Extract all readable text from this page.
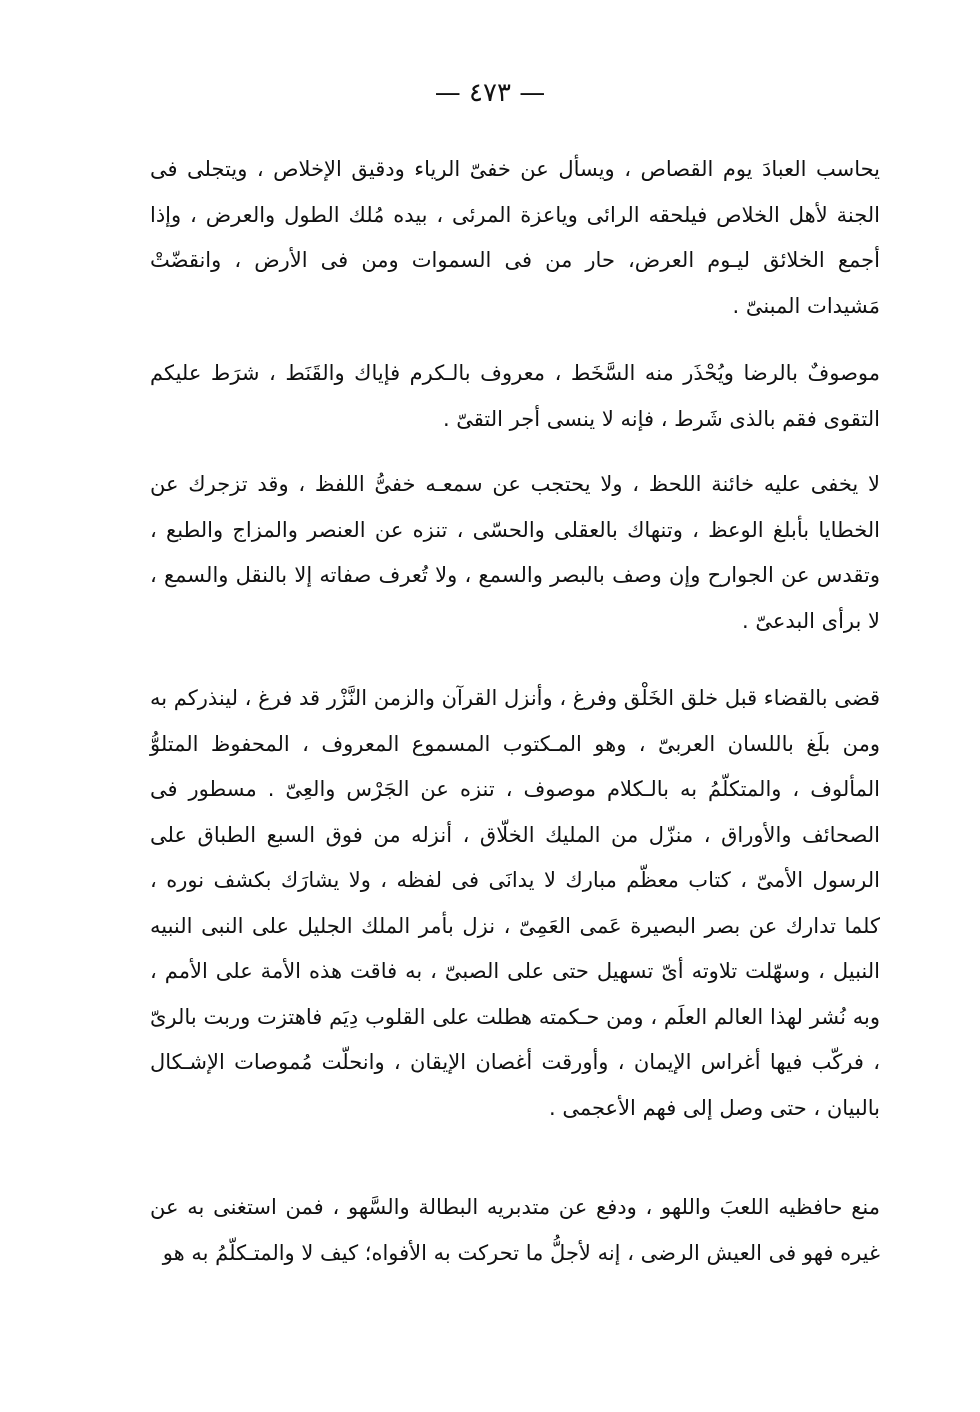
— ٤٧٣ —

يحاسب العبادَ يوم القصاص ، ويسأل عن خفىّ الرياء ودقيق الإخلاص ، ويتجلى فى الجنة لأهل الخلاص فيلحقه الرائى وياعزة المرئى ، بيده مُلك الطول والعرض ، وإذا أجمع الخلائق ليـوم العرض، حار من فى السموات ومن فى الأرض ، وانقضّتْ مَشيدات المبنىّ .

موصوفٌ بالرضا ويُحْذَر منه السَّخَط ، معروف بالـكرم فإياك والقَنَط ، شرَط عليكم التقوى فقم بالذى شَرط ، فإنه لا ينسى أجر التقىّ .

لا يخفى عليه خائنة اللحظ ، ولا يحتجب عن سمعـه خفىُّ اللفظ ، وقد تزجرك عن الخطايا بأبلغ الوعظ ، وتنهاك بالعقلى والحسّى ، تنزه عن العنصر والمزاج والطبع ، وتقدس عن الجوارح وإن وصف بالبصر والسمع ، ولا تُعرف صفاته إلا بالنقل والسمع ، لا برأى البدعىّ .

قضى بالقضاء قبل خلق الخَلْق وفرغ ، وأنزل القرآن والزمن النَّزْر قد فرغ ، لينذركم به ومن بلَغ باللسان العربىّ ، وهو المـكتوب المسموع المعروف ، المحفوظ المتلوُّ المألوف ، والمتكلّمُ به بالـكلام موصوف ، تنزه عن الجَرْس والعِىّ . مسطور فى الصحائف والأوراق ، منزّل من المليك الخلّاق ، أنزله من فوق السبع الطباق على الرسول الأمىّ ، كتاب معظّم مبارك لا يدانَى فى لفظه ، ولا يشارَك بكشف نوره ، كلما تدارك عن بصر البصيرة عَمى العَمِىّ ، نزل بأمر الملك الجليل على النبى النبيه النبيل ، وسهّلت تلاوته أىّ تسهيل حتى على الصبىّ ، به فاقت هذه الأمة على الأمم ، وبه نُشر لهذا العالم العلَم ، ومن حـكمته هطلت على القلوب دِيَم فاهتزت وربت بالرىّ ، فركّب فيها أغراس الإيمان ، وأورقت أغصان الإيقان ، وانحلّت مُموصات الإشـكال بالبيان ، حتى وصل إلى فهم الأعجمى .

منع حافظيه اللعبَ واللهو ، ودفع عن متدبريه البطالة والسَّهو ، فمن استغنى به عن غيره فهو فى العيش الرضى ، إنه لأجلُّ ما تحركت به الأفواه؛ كيف لا والمتـكلّمُ به هو
